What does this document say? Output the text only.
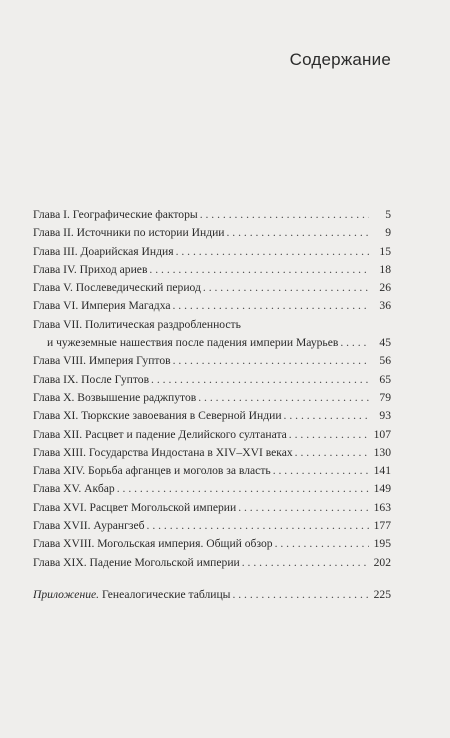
Содержание
Глава I. Географические факторы . . .	5
Глава II. Источники по истории Индии . . .	9
Глава III. Доарийская Индия . . .	15
Глава IV. Приход ариев . . .	18
Глава V. Послеведический период . . .	26
Глава VI. Империя Магадха . . .	36
Глава VII. Политическая раздробленность
и чужеземные нашествия после падения империи Маурьев . . .	45
Глава VIII. Империя Гуптов . . .	56
Глава IX. После Гуптов . . .	65
Глава X. Возвышение раджпутов . . .	79
Глава XI. Тюркские завоевания в Северной Индии . . .	93
Глава XII. Расцвет и падение Делийского султаната . . .	107
Глава XIII. Государства Индостана в XIV–XVI веках . . .	130
Глава XIV. Борьба афганцев и моголов за власть . . .	141
Глава XV. Акбар . . .	149
Глава XVI. Расцвет Могольской империи . . .	163
Глава XVII. Аурангзеб . . .	177
Глава XVIII. Могольская империя. Общий обзор . . .	195
Глава XIX. Падение Могольской империи . . .	202
Приложение. Генеалогические таблицы . . .	225
